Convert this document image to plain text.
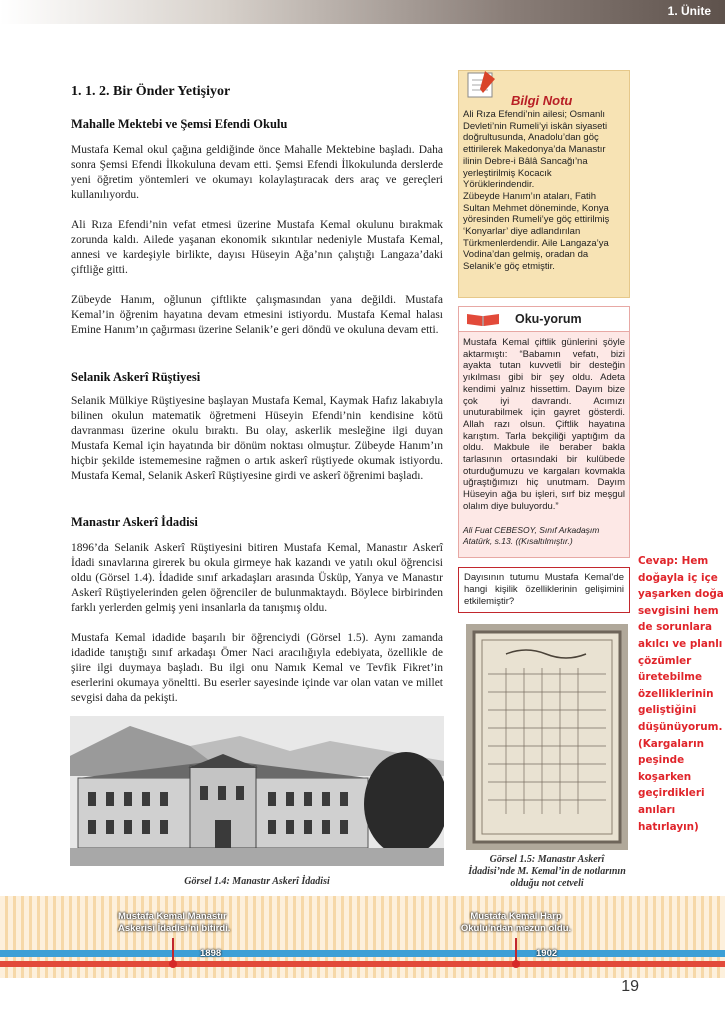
1. Ünite
1. 1. 2. Bir Önder Yetişiyor
Mahalle Mektebi ve Şemsi Efendi Okulu

Mustafa Kemal okul çağına geldiğinde önce Mahalle Mektebine başladı. Daha sonra Şemsi Efendi İlkokuluna devam etti. Şemsi Efendi İlkokulunda derslerde yeni öğretim yöntemleri ve okumayı kolaylaştıracak ders araç ve gereçleri kullanılıyordu.

Ali Rıza Efendi’nin vefat etmesi üzerine Mustafa Kemal okulunu bırakmak zorunda kaldı. Ailede yaşanan ekonomik sıkıntılar nedeniyle Mustafa Kemal, annesi ve kardeşiyle birlikte, dayısı Hüseyin Ağa’nın çalıştığı Langaza’daki çiftliğe gitti.

Zübeyde Hanım, oğlunun çiftlikte çalışmasından yana değildi. Mustafa Kemal’in öğrenim hayatına devam etmesini istiyordu. Mustafa Kemal halası Emine Hanım’ın çağırması üzerine Selanik’e geri döndü ve okuluna devam etti.

Selanik Askerî Rüştiyesi

Selanik Mülkiye Rüştiyesine başlayan Mustafa Kemal, Kaymak Hafız lakabıyla bilinen okulun matematik öğretmeni Hüseyin Efendi’nin kendisine kötü davranması üzerine okulu bıraktı. Bu olay, askerlik mesleğine ilgi duyan Mustafa Kemal için hayatında bir dönüm noktası olmuştur. Zübeyde Hanım’ın hiçbir şekilde istememesine rağmen o artık askerî rüştiyede okumak istiyordu. Mustafa Kemal, Selanik Askerî Rüştiyesine girdi ve askerî öğrenimi başladı.

Manastır Askerî İdadisi

1896’da Selanik Askerî Rüştiyesini bitiren Mustafa Kemal, Manastır Askerî İdadi sınavlarına girerek bu okula girmeye hak kazandı ve yatılı okul öğrencisi oldu (Görsel 1.4). İdadide sınıf arkadaşları arasında Üsküp, Yanya ve Manastır Askerî Rüştiyelerinden gelen öğrenciler de bulunmaktaydı. Böylece birbirinden farklı yerlerden gelmiş yeni insanlarla da tanışmış oldu.

Mustafa Kemal idadide başarılı bir öğrenciydi (Görsel 1.5). Aynı zamanda idadide tanıştığı sınıf arkadaşı Ömer Naci aracılığıyla edebiyata, özellikle de şiire ilgi duymaya başladı. Bu ilgi onu Namık Kemal ve Tevfik Fikret’in eserlerini okumaya yöneltti. Bu eserler sayesinde içinde var olan vatan ve millet sevgisi daha da pekişti.

Bilgi Notu

Ali Rıza Efendi’nin ailesi; Osmanlı Devleti’nin Rumeli’yi iskân siyaseti doğrultusunda, Anadolu’dan göç ettirilerek Makedonya’da Manastır ilinin Debre-i Bâlâ Sancağı’na yerleştirilmiş Kocacık Yörüklerindendir.

Zübeyde Hanım’ın ataları, Fatih Sultan Mehmet döneminde, Konya yöresinden Rumeli’ye göç ettirilmiş ‘Konyarlar’ diye adlandırılan Türkmenlerdendir. Aile Langaza’ya Vodina’dan gelmiş, oradan da Selanik’e göç etmiştir.

Oku-yorum
Mustafa Kemal çiftlik günlerini şöyle aktarmıştı: “Babamın vefatı, bizi ayakta tutan kuvvetli bir desteğin yıkılması gibi bir şey oldu. Adeta kendimi yalnız hissettim. Dayım bize çok iyi davrandı. Acımızı unuturabilmek için gayret gösterdi. Allah razı olsun. Çiftlik hayatına karıştım. Tarla bekçiliği yaptığım da oldu. Makbule ile beraber bakla tarlasının ortasındaki bir kulübede oturduğumuzu ve kargaları kovmakla uğraştığımızı hiç unutmam. Dayım Hüseyin ağa bu işleri, sırf biz meşgul olalım diye buluyordu.”
Ali Fuat CEBESOY, Sınıf Arkadaşım Atatürk, s.13. ((Kısaltılmıştır.)
Dayısının tutumu Mustafa Kemal’de hangi kişilik özelliklerinin gelişimini etkilemiştir?
Cevap: Hem doğayla iç içe yaşarken doğa sevgisini hem de sorunlara akılcı ve planlı çözümler üretebilme özelliklerinin geliştiğini düşünüyorum. (Kargaların peşinde koşarken geçirdikleri anıları hatırlayın)
Görsel 1.4: Manastır Askerî İdadisi
Görsel 1.5: Manastır Askerî İdadisi’nde M. Kemal’in de notlarının olduğu not cetveli
Mustafa Kemal Manastır
Askerisi İdadisi’ni bitirdi.
1898
Mustafa Kemal Harp
Okulu’ndan mezun oldu.
1902
19
